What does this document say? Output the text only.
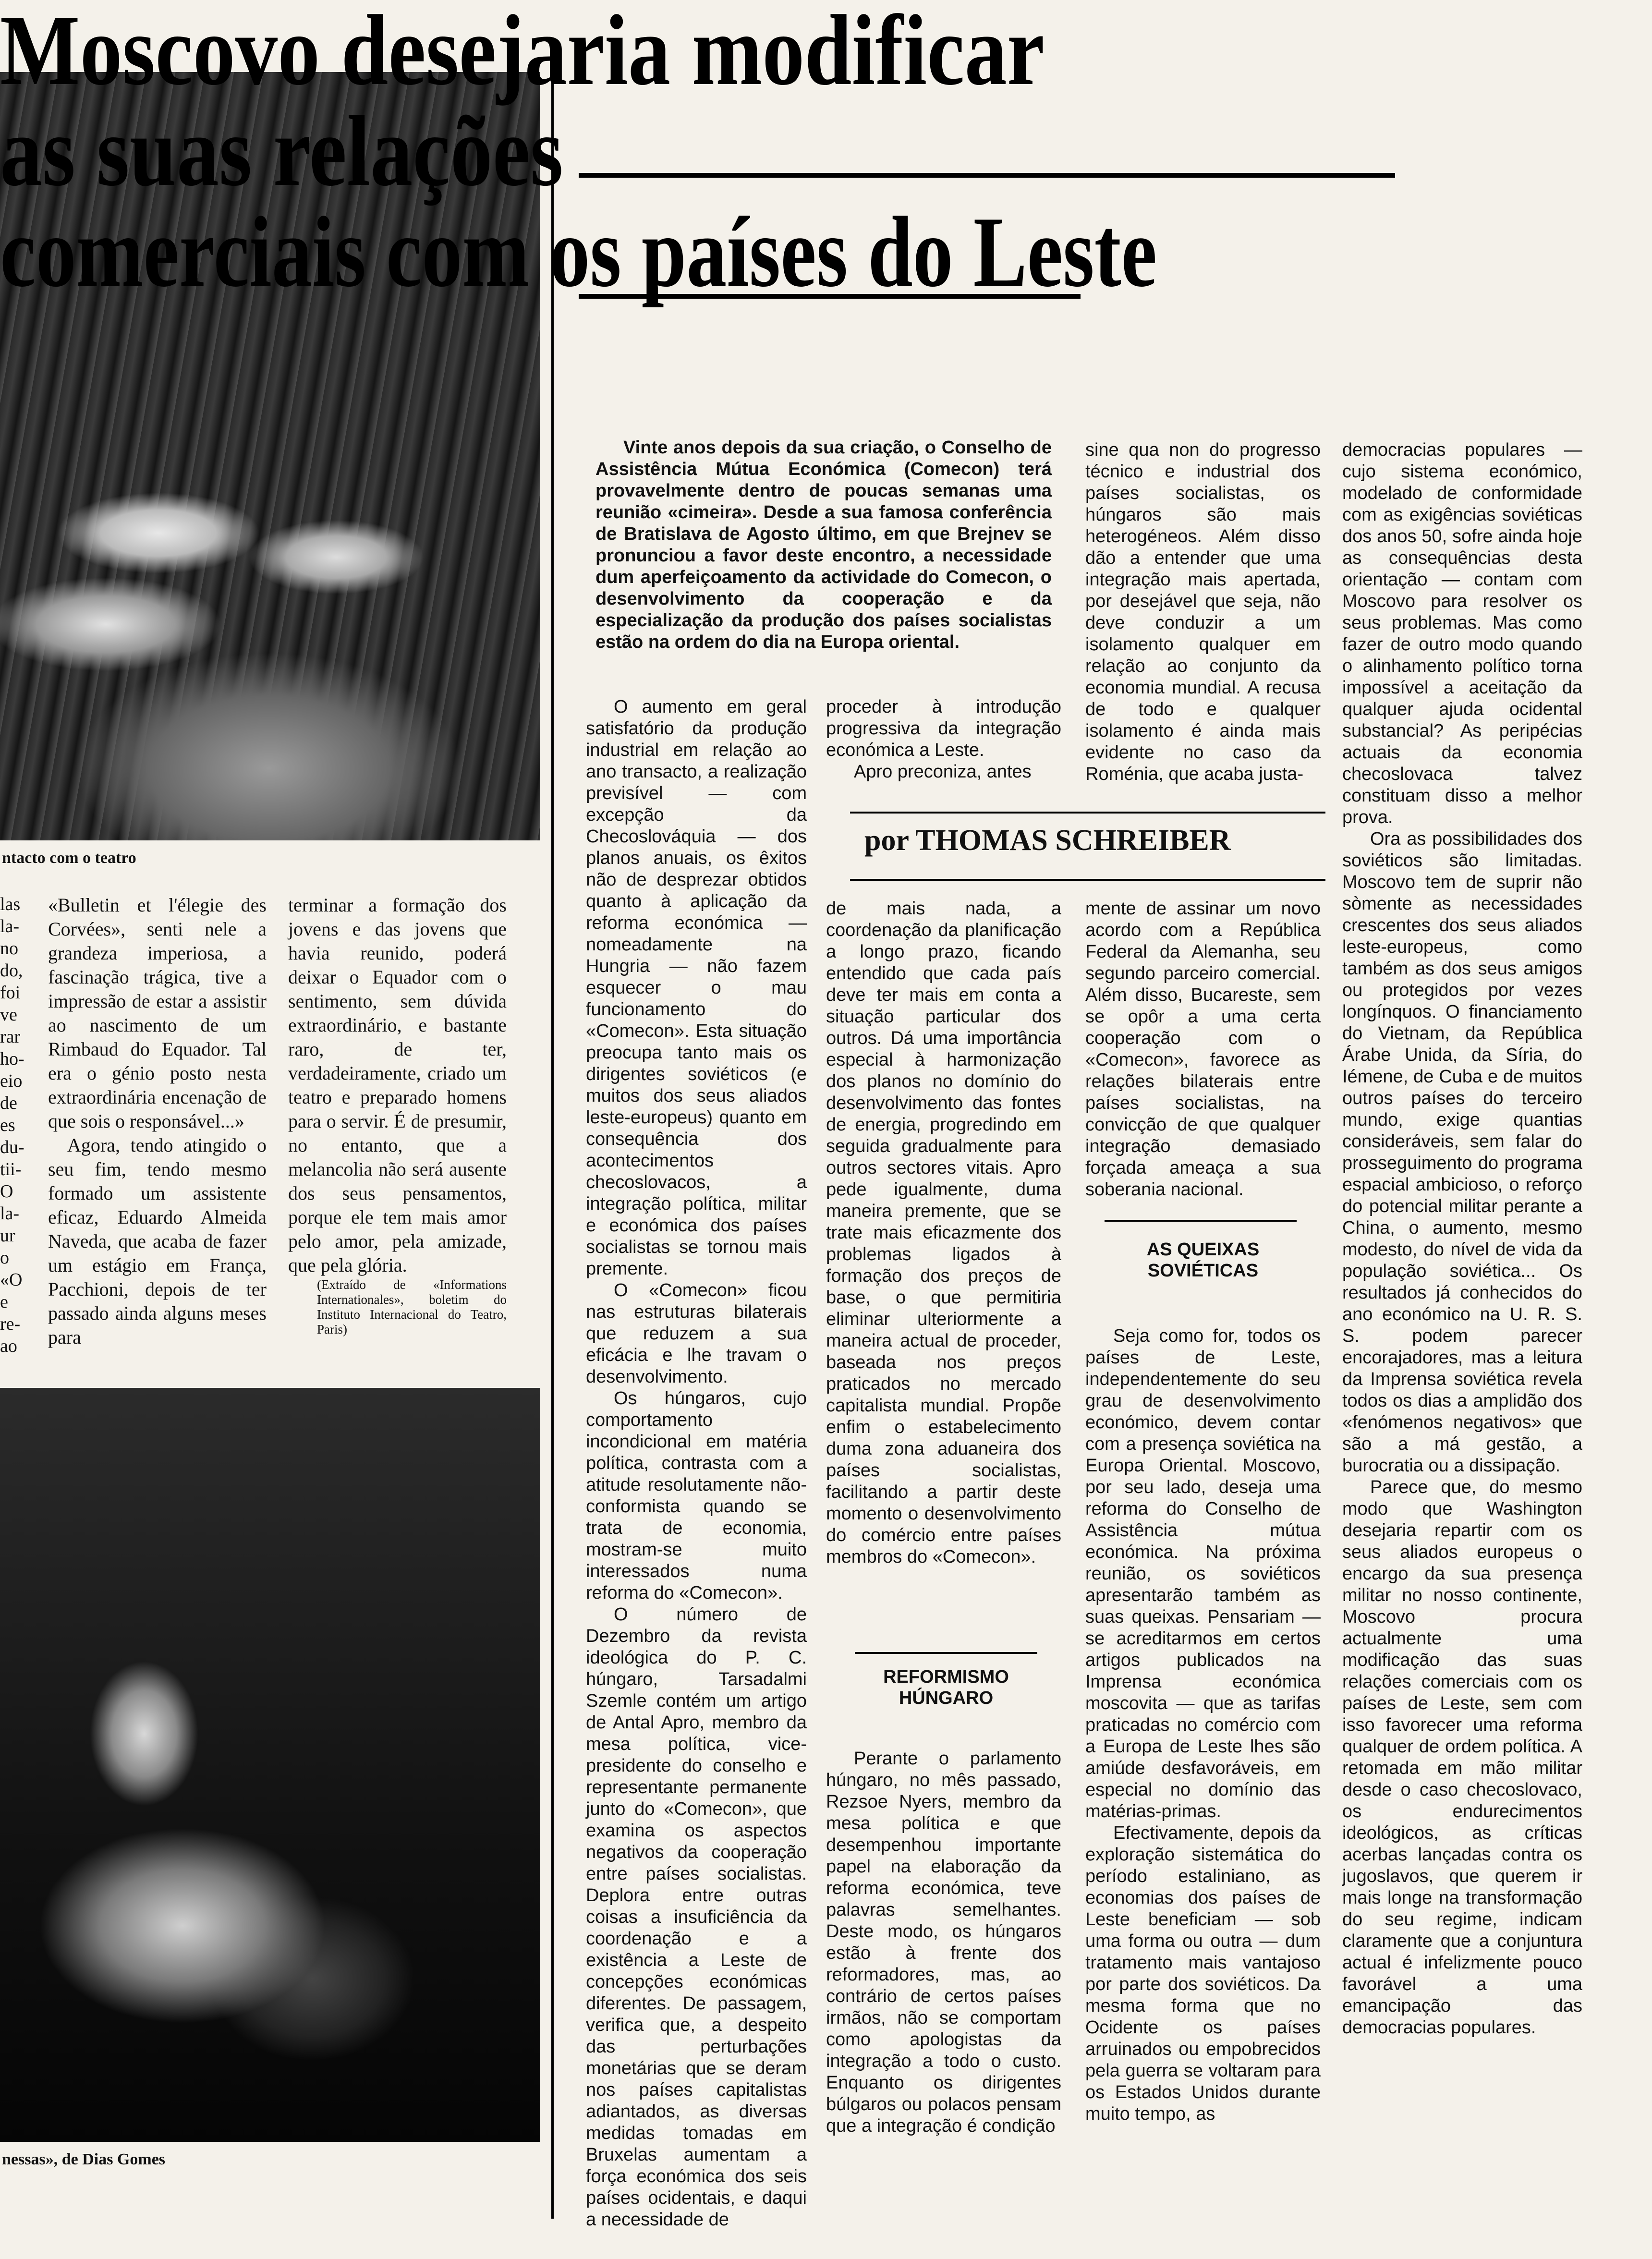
ntacto com o teatro
las
la-
no
do,
foi
ve
rar
ho-
eio
de
es
du-
tii-
O
la-
ur
o
«O
e
re-
ao

«Bulletin et l'élegie des Corvées», senti nele a grandeza imperiosa, a fascinação trágica, tive a impressão de estar a assistir ao nascimento de um Rimbaud do Equador. Tal era o génio posto nesta extraordinária encenação de que sois o responsável...»

Agora, tendo atingido o seu fim, tendo mesmo formado um assistente eficaz, Eduardo Almeida Naveda, que acaba de fazer um estágio em França, Pacchioni, depois de ter passado ainda alguns meses para

terminar a formação dos jovens e das jovens que havia reunido, poderá deixar o Equador com o sentimento, sem dúvida extraordinário, e bastante raro, de ter, verdadeiramente, criado um teatro e preparado homens para o servir. É de presumir, no entanto, que a melancolia não será ausente dos seus pensamentos, porque ele tem mais amor pelo amor, pela amizade, que pela glória.

(Extraído de «Informations Internationales», boletim do Instituto Internacional do Teatro, Paris)
nessas», de Dias Gomes
Moscovo desejaria modificar
as suas relações
comerciais com os países do Leste

Vinte anos depois da sua criação, o Conselho de Assistência Mútua Económica (Comecon) terá provavelmente dentro de poucas semanas uma reunião «cimeira». Desde a sua famosa conferência de Bratislava de Agosto último, em que Brejnev se pronunciou a favor deste encontro, a necessidade dum aperfeiçoamento da actividade do Comecon, o desenvolvimento da cooperação e da especialização da produção dos países socialistas estão na ordem do dia na Europa oriental.

O aumento em geral satisfatório da produção industrial em relação ao ano transacto, a realização previsível — com excepção da Checoslováquia — dos planos anuais, os êxitos não de desprezar obtidos quanto à aplicação da reforma económica — nomeadamente na Hungria — não fazem esquecer o mau funcionamento do «Comecon». Esta situação preocupa tanto mais os dirigentes soviéticos (e muitos dos seus aliados leste-europeus) quanto em consequência dos acontecimentos checoslovacos, a integração política, militar e económica dos países socialistas se tornou mais premente.

O «Comecon» ficou nas estruturas bilaterais que reduzem a sua eficácia e lhe travam o desenvolvimento.

Os húngaros, cujo comportamento incondicional em matéria política, contrasta com a atitude resolutamente não-conformista quando se trata de economia, mostram-se muito interessados numa reforma do «Comecon».

O número de Dezembro da revista ideológica do P. C. húngaro, Tarsadalmi Szemle contém um artigo de Antal Apro, membro da mesa política, vice-presidente do conselho e representante permanente junto do «Comecon», que examina os aspectos negativos da cooperação entre países socialistas. Deplora entre outras coisas a insuficiência da coordenação e a existência a Leste de concepções económicas diferentes. De passagem, verifica que, a despeito das perturbações monetárias que se deram nos países capitalistas adiantados, as diversas medidas tomadas em Bruxelas aumentam a força económica dos seis países ocidentais, e daqui a necessidade de

proceder à introdução progressiva da integração económica a Leste.

Apro preconiza, antes

sine qua non do progresso técnico e industrial dos países socialistas, os húngaros são mais heterogéneos. Além disso dão a entender que uma integração mais apertada, por desejável que seja, não deve conduzir a um isolamento qualquer em relação ao conjunto da economia mundial. A recusa de todo e qualquer isolamento é ainda mais evidente no caso da Roménia, que acaba justa-

por THOMAS SCHREIBER

de mais nada, a coordenação da planificação a longo prazo, ficando entendido que cada país deve ter mais em conta a situação particular dos outros. Dá uma importância especial à harmonização dos planos no domínio do desenvolvimento das fontes de energia, progredindo em seguida gradualmente para outros sectores vitais. Apro pede igualmente, duma maneira premente, que se trate mais eficazmente dos problemas ligados à formação dos preços de base, o que permitiria eliminar ulteriormente a maneira actual de proceder, baseada nos preços praticados no mercado capitalista mundial. Propõe enfim o estabelecimento duma zona aduaneira dos países socialistas, facilitando a partir deste momento o desenvolvimento do comércio entre países membros do «Comecon».

REFORMISMO HÚNGARO

Perante o parlamento húngaro, no mês passado, Rezsoe Nyers, membro da mesa política e que desempenhou importante papel na elaboração da reforma económica, teve palavras semelhantes. Deste modo, os húngaros estão à frente dos reformadores, mas, ao contrário de certos países irmãos, não se comportam como apologistas da integração a todo o custo. Enquanto os dirigentes búlgaros ou polacos pensam que a integração é condição

mente de assinar um novo acordo com a República Federal da Alemanha, seu segundo parceiro comercial. Além disso, Bucareste, sem se opôr a uma certa cooperação com o «Comecon», favorece as relações bilaterais entre países socialistas, na convicção de que qualquer integração demasiado forçada ameaça a sua soberania nacional.

AS QUEIXAS SOVIÉTICAS

Seja como for, todos os países de Leste, independentemente do seu grau de desenvolvimento económico, devem contar com a presença soviética na Europa Oriental. Moscovo, por seu lado, deseja uma reforma do Conselho de Assistência mútua económica. Na próxima reunião, os soviéticos apresentarão também as suas queixas. Pensariam — se acreditarmos em certos artigos publicados na Imprensa económica moscovita — que as tarifas praticadas no comércio com a Europa de Leste lhes são amiúde desfavoráveis, em especial no domínio das matérias-primas.

Efectivamente, depois da exploração sistemática do período estaliniano, as economias dos países de Leste beneficiam — sob uma forma ou outra — dum tratamento mais vantajoso por parte dos soviéticos. Da mesma forma que no Ocidente os países arruinados ou empobrecidos pela guerra se voltaram para os Estados Unidos durante muito tempo, as

democracias populares — cujo sistema económico, modelado de conformidade com as exigências soviéticas dos anos 50, sofre ainda hoje as consequências desta orientação — contam com Moscovo para resolver os seus problemas. Mas como fazer de outro modo quando o alinhamento político torna impossível a aceitação da qualquer ajuda ocidental substancial? As peripécias actuais da economia checoslovaca talvez constituam disso a melhor prova.

Ora as possibilidades dos soviéticos são limitadas. Moscovo tem de suprir não sòmente as necessidades crescentes dos seus aliados leste-europeus, como também as dos seus amigos ou protegidos por vezes longínquos. O financiamento do Vietnam, da República Árabe Unida, da Síria, do Iémene, de Cuba e de muitos outros países do terceiro mundo, exige quantias consideráveis, sem falar do prosseguimento do programa espacial ambicioso, o reforço do potencial militar perante a China, o aumento, mesmo modesto, do nível de vida da população soviética... Os resultados já conhecidos do ano económico na U. R. S. S. podem parecer encorajadores, mas a leitura da Imprensa soviética revela todos os dias a amplidão dos «fenómenos negativos» que são a má gestão, a burocratia ou a dissipação.

Parece que, do mesmo modo que Washington desejaria repartir com os seus aliados europeus o encargo da sua presença militar no nosso continente, Moscovo procura actualmente uma modificação das suas relações comerciais com os países de Leste, sem com isso favorecer uma reforma qualquer de ordem política. A retomada em mão militar desde o caso checoslovaco, os endurecimentos ideológicos, as críticas acerbas lançadas contra os jugoslavos, que querem ir mais longe na transformação do seu regime, indicam claramente que a conjuntura actual é infelizmente pouco favorável a uma emancipação das democracias populares.
